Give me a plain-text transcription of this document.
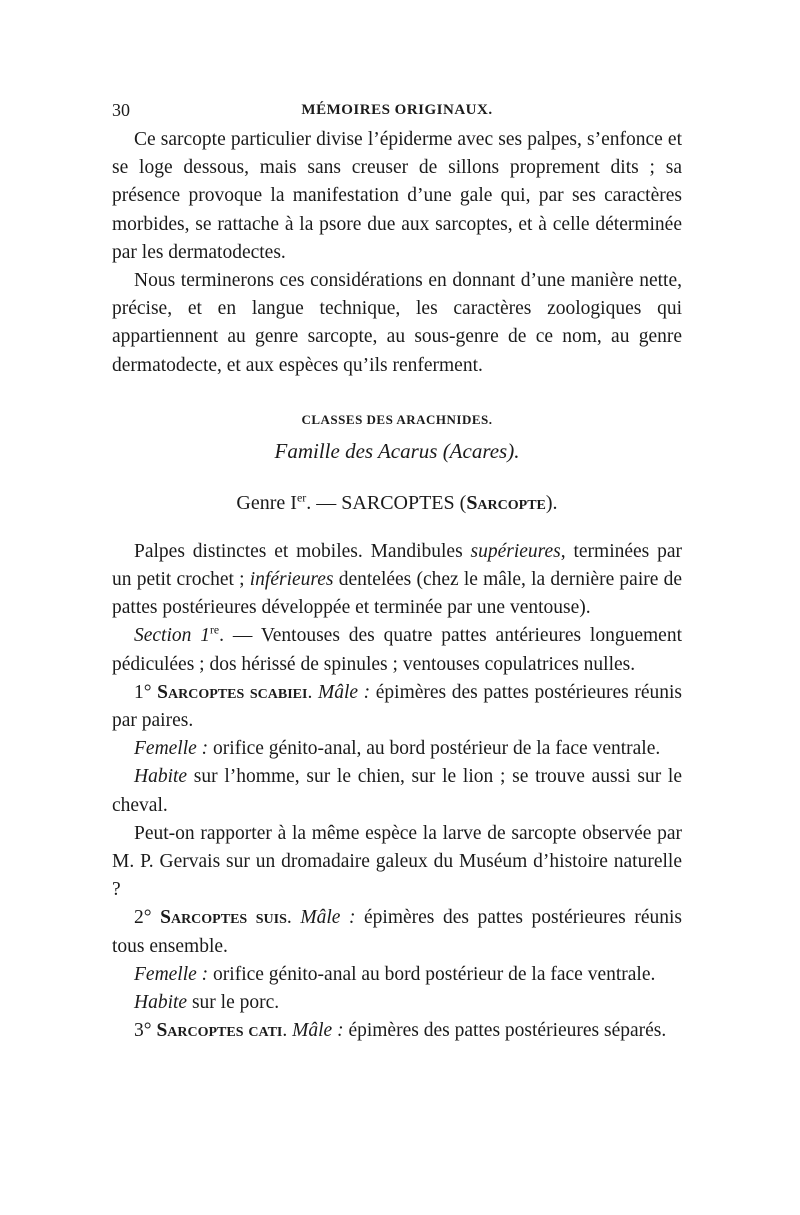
30	MÉMOIRES ORIGINAUX.

Ce sarcopte particulier divise l’épiderme avec ses palpes, s’enfonce et se loge dessous, mais sans creuser de sillons proprement dits ; sa présence provoque la manifestation d’une gale qui, par ses caractères morbides, se rattache à la psore due aux sarcoptes, et à celle déterminée par les dermatodectes.

Nous terminerons ces considérations en donnant d’une manière nette, précise, et en langue technique, les caractères zoologiques qui appartiennent au genre sarcopte, au sous-genre de ce nom, au genre dermatodecte, et aux espèces qu’ils renferment.

CLASSES DES ARACHNIDES.

Famille des Acarus (Acares).

Genre Ier. — SARCOPTES (Sarcopte).

Palpes distinctes et mobiles. Mandibules supérieures, terminées par un petit crochet ; inférieures dentelées (chez le mâle, la dernière paire de pattes postérieures développée et terminée par une ventouse).

Section 1re. — Ventouses des quatre pattes antérieures longuement pédiculées ; dos hérissé de spinules ; ventouses copulatrices nulles.

1° Sarcoptes scabiei. Mâle : épimères des pattes postérieures réunis par paires.

Femelle : orifice génito-anal, au bord postérieur de la face ventrale.

Habite sur l’homme, sur le chien, sur le lion ; se trouve aussi sur le cheval.

Peut-on rapporter à la même espèce la larve de sarcopte observée par M. P. Gervais sur un dromadaire galeux du Muséum d’histoire naturelle ?

2° Sarcoptes suis. Mâle : épimères des pattes postérieures réunis tous ensemble.

Femelle : orifice génito-anal au bord postérieur de la face ventrale.

Habite sur le porc.

3° Sarcoptes cati. Mâle : épimères des pattes postérieures séparés.
